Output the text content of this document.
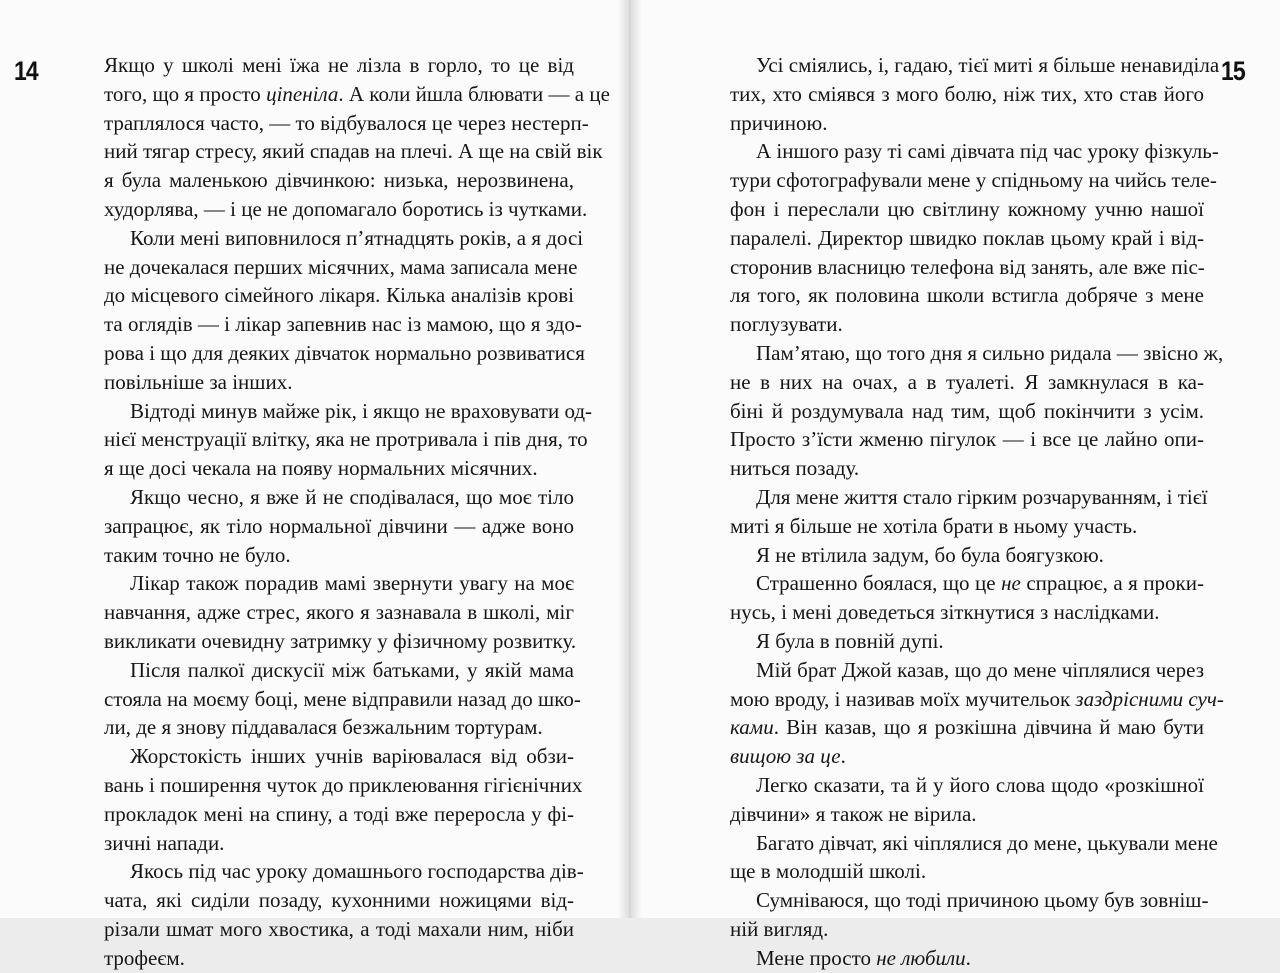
14	Якщо у школі мені їжа не лізла в горло, то це від
того, що я просто ціпеніла. А коли йшла блювати — а це
траплялося часто, — то відбувалося це через нестерп-
ний тягар стресу, який спадав на плечі. А ще на свій вік
я була маленькою дівчинкою: низька, нерозвинена,
худорлява, — і це не допомагало боротись із чутками.
Коли мені виповнилося п’ятнадцять років, а я досі
не дочекалася перших місячних, мама записала мене
до місцевого сімейного лікаря. Кілька аналізів крові
та оглядів — і лікар запевнив нас із мамою, що я здо-
рова і що для деяких дівчаток нормально розвиватися
повільніше за інших.
Відтоді минув майже рік, і якщо не враховувати од-
нієї менструації влітку, яка не протривала і пів дня, то
я ще досі чекала на появу нормальних місячних.
Якщо чесно, я вже й не сподівалася, що моє тіло
запрацює, як тіло нормальної дівчини — адже воно
таким точно не було.
Лікар також порадив мамі звернути увагу на моє
навчання, адже стрес, якого я зазнавала в школі, міг
викликати очевидну затримку у фізичному розвитку.
Після палкої дискусії між батьками, у якій мама
стояла на моєму боці, мене відправили назад до шко-
ли, де я знову піддавалася безжальним тортурам.
Жорстокість інших учнів варіювалася від обзи-
вань і поширення чуток до приклеювання гігієнічних
прокладок мені на спину, а тоді вже переросла у фі-
зичні напади.
Якось під час уроку домашнього господарства дів-
чата, які сиділи позаду, кухонними ножицями від-
різали шмат мого хвостика, а тоді махали ним, ніби
трофеєм.
15
Усі сміялись, і, гадаю, тієї миті я більше ненавиділа
тих, хто сміявся з мого болю, ніж тих, хто став його
причиною.
А іншого разу ті самі дівчата під час уроку фізкуль-
тури сфотографували мене у спідньому на чийсь теле-
фон і переслали цю світлину кожному учню нашої
паралелі. Директор швидко поклав цьому край і від-
сторонив власницю телефона від занять, але вже піс-
ля того, як половина школи встигла добряче з мене
поглузувати.
Пам’ятаю, що того дня я сильно ридала — звісно ж,
не в них на очах, а в туалеті. Я замкнулася в ка-
біні й роздумувала над тим, щоб покінчити з усім.
Просто з’їсти жменю пігулок — і все це лайно опи-
ниться позаду.
Для мене життя стало гірким розчаруванням, і тієї
миті я більше не хотіла брати в ньому участь.
Я не втілила задум, бо була боягузкою.
Страшенно боялася, що це не спрацює, а я прoки-
нусь, і мені доведеться зіткнутися з наслідками.
Я була в повній дупі.
Мій брат Джой казав, що до мене чіплялися через
мою вроду, і називав моїх мучительок заздрісними суч-
ками. Він казав, що я розкішна дівчина й маю бути
вищою за це.
Легко сказати, та й у його слова щодо «розкішної
дівчини» я також не вірила.
Багато дівчат, які чіплялися до мене, цькували мене
ще в молодшій школі.
Сумніваюся, що тоді причиною цьому був зовніш-
ній вигляд.
Мене просто не любили.
